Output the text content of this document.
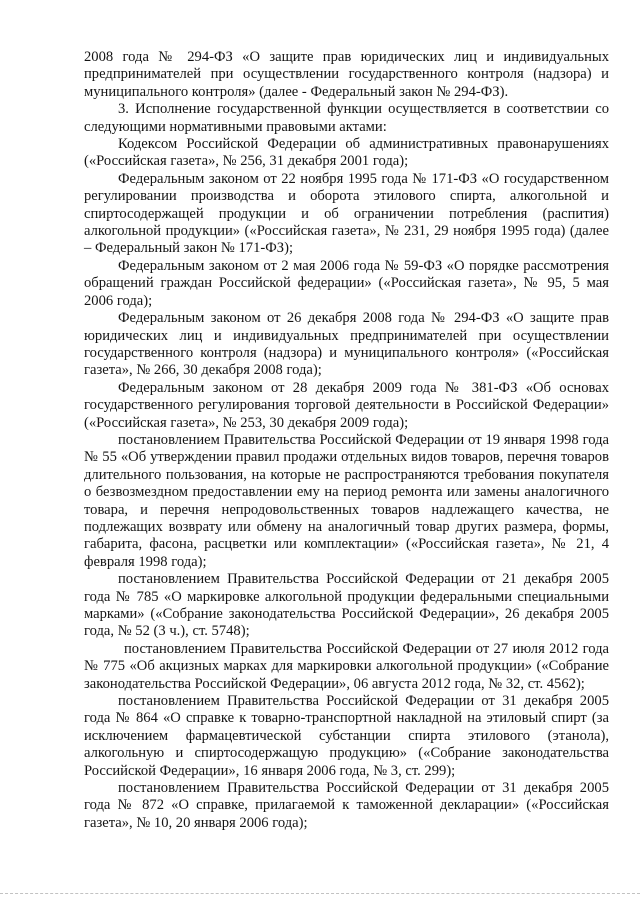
2008 года № 294-ФЗ «О защите прав юридических лиц и индивидуальных предпринимателей при осуществлении государственного контроля (надзора) и муниципального контроля» (далее - Федеральный закон № 294-ФЗ).

3. Исполнение государственной функции осуществляется в соответствии со следующими нормативными правовыми актами:

Кодексом Российской Федерации об административных правонарушениях («Российская газета», № 256, 31 декабря 2001 года);

Федеральным законом от 22 ноября 1995 года № 171-ФЗ «О государственном регулировании производства и оборота этилового спирта, алкогольной и спиртосодержащей продукции и об ограничении потребления (распития) алкогольной продукции» («Российская газета», № 231, 29 ноября 1995 года) (далее – Федеральный закон № 171-ФЗ);

Федеральным законом от 2 мая 2006 года № 59-ФЗ «О порядке рассмотрения обращений граждан Российской федерации» («Российская газета», № 95, 5 мая 2006 года);

Федеральным законом от 26 декабря 2008 года № 294-ФЗ «О защите прав юридических лиц и индивидуальных предпринимателей при осуществлении государственного контроля (надзора) и муниципального контроля» («Российская газета», № 266, 30 декабря 2008 года);

Федеральным законом от 28 декабря 2009 года № 381-ФЗ «Об основах государственного регулирования торговой деятельности в Российской Федерации» («Российская газета», № 253, 30 декабря 2009 года);

постановлением Правительства Российской Федерации от 19 января 1998 года № 55 «Об утверждении правил продажи отдельных видов товаров, перечня товаров длительного пользования, на которые не распространяются требования покупателя о безвозмездном предоставлении ему на период ремонта или замены аналогичного товара, и перечня непродовольственных товаров надлежащего качества, не подлежащих возврату или обмену на аналогичный товар других размера, формы, габарита, фасона, расцветки или комплектации» («Российская газета», № 21, 4 февраля 1998 года);

постановлением Правительства Российской Федерации от 21 декабря 2005 года № 785 «О маркировке алкогольной продукции федеральными специальными марками» («Собрание законодательства Российской Федерации», 26 декабря 2005 года, № 52 (3 ч.), ст. 5748);

постановлением Правительства Российской Федерации от 27 июля 2012 года № 775 «Об акцизных марках для маркировки алкогольной продукции» («Собрание законодательства Российской Федерации», 06 августа 2012 года, № 32, ст. 4562);

постановлением Правительства Российской Федерации от 31 декабря 2005 года № 864 «О справке к товарно-транспортной накладной на этиловый спирт (за исключением фармацевтической субстанции спирта этилового (этанола), алкогольную и спиртосодержащую продукцию» («Собрание законодательства Российской Федерации», 16 января 2006 года, № 3, ст. 299);

постановлением Правительства Российской Федерации от 31 декабря 2005 года № 872 «О справке, прилагаемой к таможенной декларации» («Российская газета», № 10, 20 января 2006 года);
